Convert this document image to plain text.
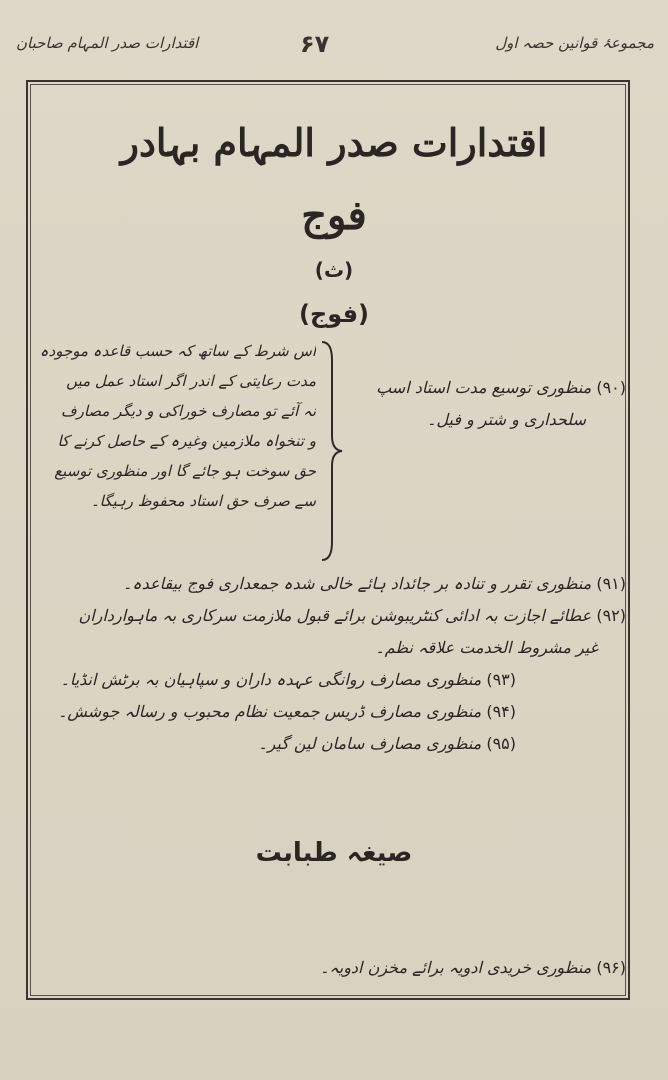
مجموعۂ قوانین حصہ اول
۶۷
اقتدارات صدر المہام صاحبان
اقتدارات صدر المہام بہادر
فوج
(ث)
(فوج)
(۹۰) منظوری توسیع مدت استاد اسپ
سلحداری و شتر و فیل۔
اس شرط کے ساتھ کہ حسب قاعدہ موجودہ
مدت رعایتی کے اندر اگر استاد عمل میں
نہ آئے تو مصارف خوراکی و دیگر مصارف
و تنخواہ ملازمین وغیرہ کے حاصل کرنے کا
حق سوخت ہو جائے گا اور منظوری توسیع
سے صرف حق استاد محفوظ رہیگا۔
(۹۱) منظوری تقرر و تنادہ بر جائداد ہائے خالی شدہ جمعداری فوج بیقاعدہ۔
(۹۲) عطائے اجازت بہ ادائی کنٹریبوشن برائے قبول ملازمت سرکاری بہ ماہوارداران
غیر مشروط الخدمت علاقہ نظم۔
(۹۳) منظوری مصارف روانگی عہدہ داران و سپاہیان بہ برٹش انڈیا۔
(۹۴) منظوری مصارف ڈریس جمعیت نظام محبوب و رسالہ جوشش۔
(۹۵) منظوری مصارف سامان لین گیر۔
صیغہ طبابت
(۹۶) منظوری خریدی ادویہ برائے مخزن ادویہ۔
